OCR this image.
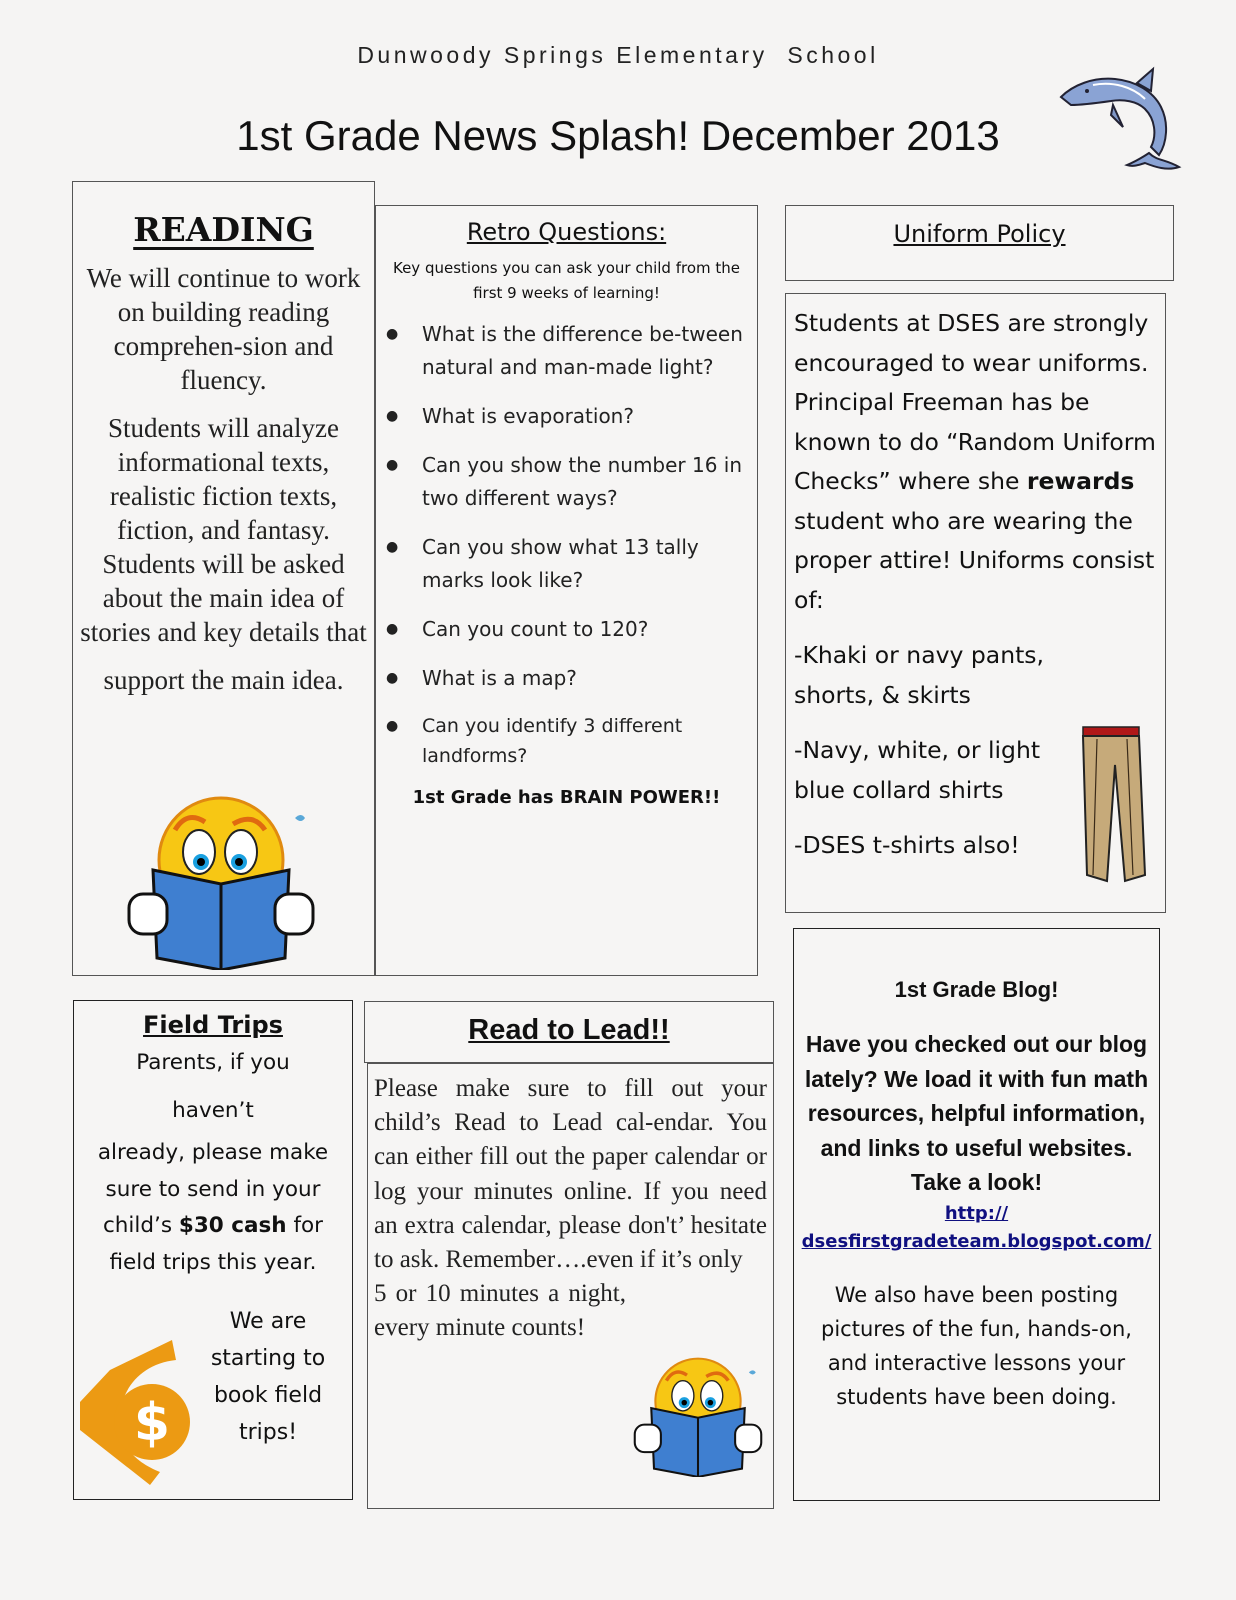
Dunwoody Springs Elementary  School
1st Grade News Splash! December 2013
READING

We will continue to work on building reading comprehen-sion and fluency.

Students will analyze informational texts, realistic fiction texts, fiction, and fantasy. Students will be asked about the main idea of stories and key details that

support the main idea.

Retro Questions:
Key questions you can ask your child from the first 9 weeks of learning!
●	What is the difference be-tween natural and man-made light?
●	What is evaporation?
●	Can you show the number 16 in two different ways?
●	Can you show what 13 tally marks look like?
●	Can you count to 120?
●	What is a map?
●	Can you identify 3 different landforms?
1st Grade has BRAIN POWER!!
Uniform Policy

Students at DSES are strongly encouraged to wear uniforms. Principal Freeman has be known to do “Random Uniform Checks” where she rewards student who are wearing the proper attire! Uniforms consist of:

-Khaki or navy pants, shorts, & skirts

-Navy, white, or light blue collard shirts

-DSES t-shirts also!

1st Grade Blog!
Have you checked out our blog lately? We load it with fun math resources, helpful information, and links to useful websites. Take a look!
http://
dsesfirstgradeteam.blogspot.com/
We also have been posting pictures of the fun, hands-on, and interactive lessons your students have been doing.
Field Trips

Parents, if you

haven’t

already, please make sure to send in your child’s $30 cash for field trips this year.

We are starting to book field trips!
$
Read to Lead!!

Please make sure to fill out your child’s Read to Lead cal-endar. You can either fill out the paper calendar or log your minutes online. If you need an extra calendar, please don't’ hesitate to ask. Remember….even if it’s only

5 or 10 minutes a night, every minute counts!
